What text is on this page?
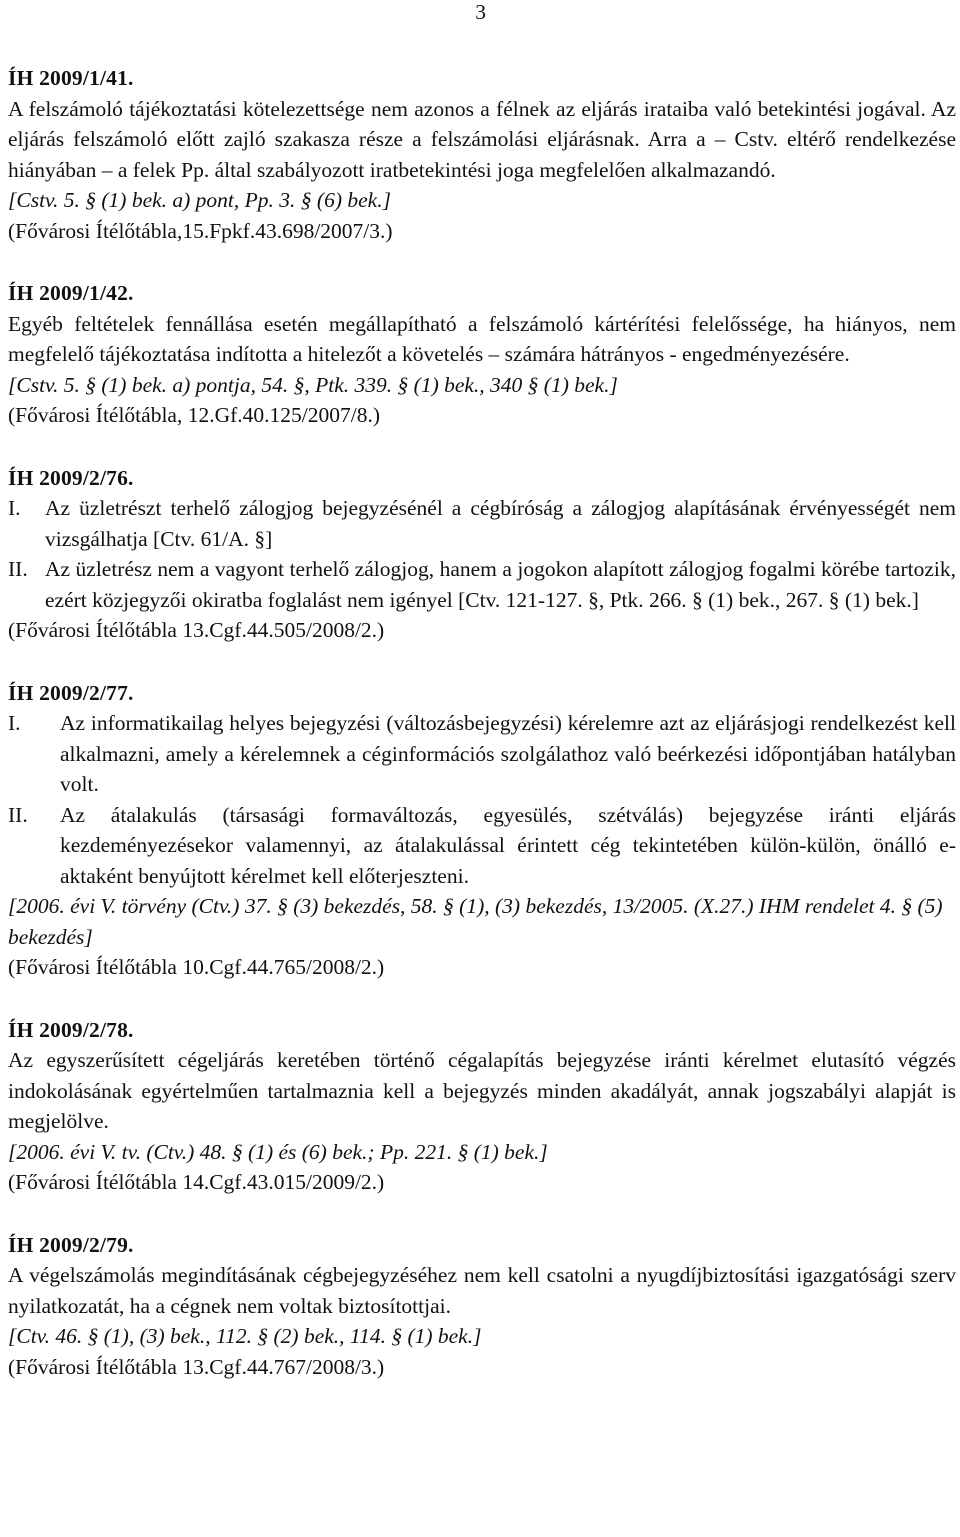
3
ÍH 2009/1/41.
A felszámoló tájékoztatási kötelezettsége nem azonos a félnek az eljárás irataiba való betekintési jogával. Az eljárás felszámoló előtt zajló szakasza része a felszámolási eljárásnak. Arra a – Cstv. eltérő rendelkezése hiányában – a felek Pp. által szabályozott iratbetekintési joga megfelelően alkalmazandó.
[Cstv. 5. § (1) bek. a) pont, Pp. 3. § (6) bek.]
(Fővárosi Ítélőtábla,15.Fpkf.43.698/2007/3.)
ÍH 2009/1/42.
Egyéb feltételek fennállása esetén megállapítható a felszámoló kártérítési felelőssége, ha hiányos, nem megfelelő tájékoztatása indította a hitelezőt a követelés – számára hátrányos - engedményezésére.
[Cstv. 5. § (1) bek. a) pontja, 54. §, Ptk. 339. § (1) bek., 340 § (1) bek.]
(Fővárosi Ítélőtábla, 12.Gf.40.125/2007/8.)
ÍH 2009/2/76.
I.	Az üzletrészt terhelő zálogjog bejegyzésénél a cégbíróság a zálogjog alapításának érvényességét nem vizsgálhatja [Ctv. 61/A. §]
II. Az üzletrész nem a vagyont terhelő zálogjog, hanem a jogokon alapított zálogjog fogalmi körébe tartozik, ezért közjegyzői okiratba foglalást nem igényel [Ctv. 121-127. §, Ptk. 266. § (1) bek., 267. § (1) bek.]
(Fővárosi Ítélőtábla 13.Cgf.44.505/2008/2.)
ÍH 2009/2/77.
I.	Az informatikailag helyes bejegyzési (változásbejegyzési) kérelemre azt az eljárásjogi rendelkezést kell alkalmazni, amely a kérelemnek a céginformációs szolgálathoz való beérkezési időpontjában hatályban volt.
II.	Az átalakulás (társasági formaváltozás, egyesülés, szétválás) bejegyzése iránti eljárás kezdeményezésekor valamennyi, az átalakulással érintett cég tekintetében külön-külön, önálló e-aktaként benyújtott kérelmet kell előterjeszteni.
[2006. évi V. törvény (Ctv.) 37. § (3) bekezdés, 58. § (1), (3) bekezdés, 13/2005. (X.27.) IHM rendelet 4. § (5) bekezdés]
(Fővárosi Ítélőtábla 10.Cgf.44.765/2008/2.)
ÍH 2009/2/78.
Az egyszerűsített cégeljárás keretében történő cégalapítás bejegyzése iránti kérelmet elutasító végzés indokolásának egyértelműen tartalmaznia kell a bejegyzés minden akadályát, annak jogszabályi alapját is megjelölve.
[2006. évi V. tv. (Ctv.) 48. § (1) és (6) bek.; Pp. 221. § (1) bek.]
(Fővárosi Ítélőtábla 14.Cgf.43.015/2009/2.)
ÍH 2009/2/79.
A végelszámolás megindításának cégbejegyzéséhez nem kell csatolni a nyugdíjbiztosítási igazgatósági szerv nyilatkozatát, ha a cégnek nem voltak biztosítottjai.
[Ctv. 46. § (1), (3) bek., 112. § (2) bek., 114. § (1) bek.]
(Fővárosi Ítélőtábla 13.Cgf.44.767/2008/3.)
